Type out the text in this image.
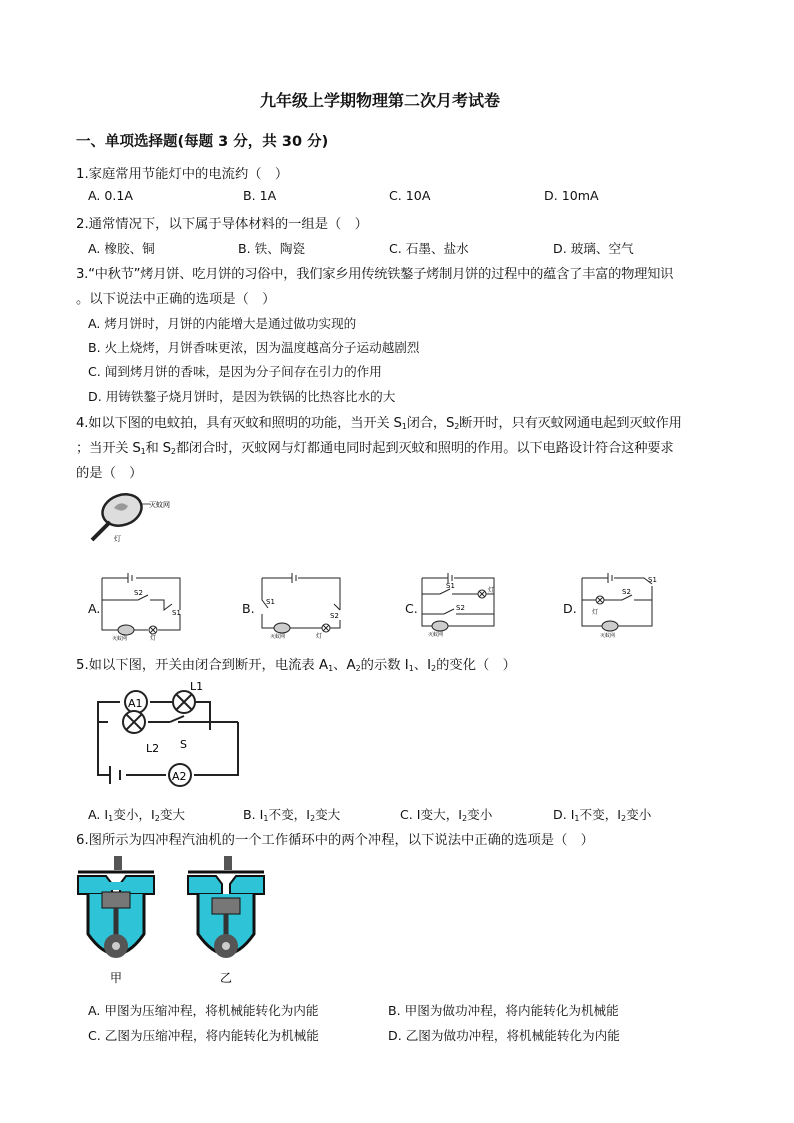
九年级上学期物理第二次月考试卷
一、单项选择题(每题 3 分，共 30 分)
1.家庭常用节能灯中的电流约（　）
A. 0.1A	B. 1A	C. 10A	D. 10mA
2.通常情况下，以下属于导体材料的一组是（　）
A. 橡胶、铜	B. 铁、陶瓷	C. 石墨、盐水	D. 玻璃、空气
3.“中秋节”烤月饼、吃月饼的习俗中，我们家乡用传统铁鏊子烤制月饼的过程中的蕴含了丰富的物理知识
。以下说法中正确的选项是（　）
A. 烤月饼时，月饼的内能增大是通过做功实现的
B. 火上烧烤，月饼香味更浓，因为温度越高分子运动越剧烈
C. 闻到烤月饼的香味，是因为分子间存在引力的作用
D. 用铸铁鏊子烧月饼时，是因为铁锅的比热容比水的大
4.如以下图的电蚊拍，具有灭蚊和照明的功能，当开关 $S_1$闭合，$S_2$断开时，只有灭蚊网通电起到灭蚊作用
；当开关 $S_1$和 $S_2$都闭合时，灭蚊网与灯都通电同时起到灭蚊和照明的作用。以下电路设计符合这种要求
的是（　）
灭蚊网
灯
A.	B.	C.	D.
S2
S1
灭蚊网	灯
S1
S2
灭蚊网	灯
S1
灯
S2
灭蚊网
S1
S2
灯
灭蚊网
5.如以下图，开关由闭合到断开，电流表 $A_1$、$A_2$的示数 $I_1$、$I_2$的变化（　）
A1
A2
L1
L2 S
A. $I_1$变小，$I_2$变大	B. $I_1$不变，$I_2$变大	C. I变大，$I_2$变小	D. $I_1$不变，$I_2$变小
6.图所示为四冲程汽油机的一个工作循环中的两个冲程，以下说法中正确的选项是（　）
甲	乙
A. 甲图为压缩冲程，将机械能转化为内能	B. 甲图为做功冲程，将内能转化为机械能
C. 乙图为压缩冲程，将内能转化为机械能	D. 乙图为做功冲程，将机械能转化为内能
